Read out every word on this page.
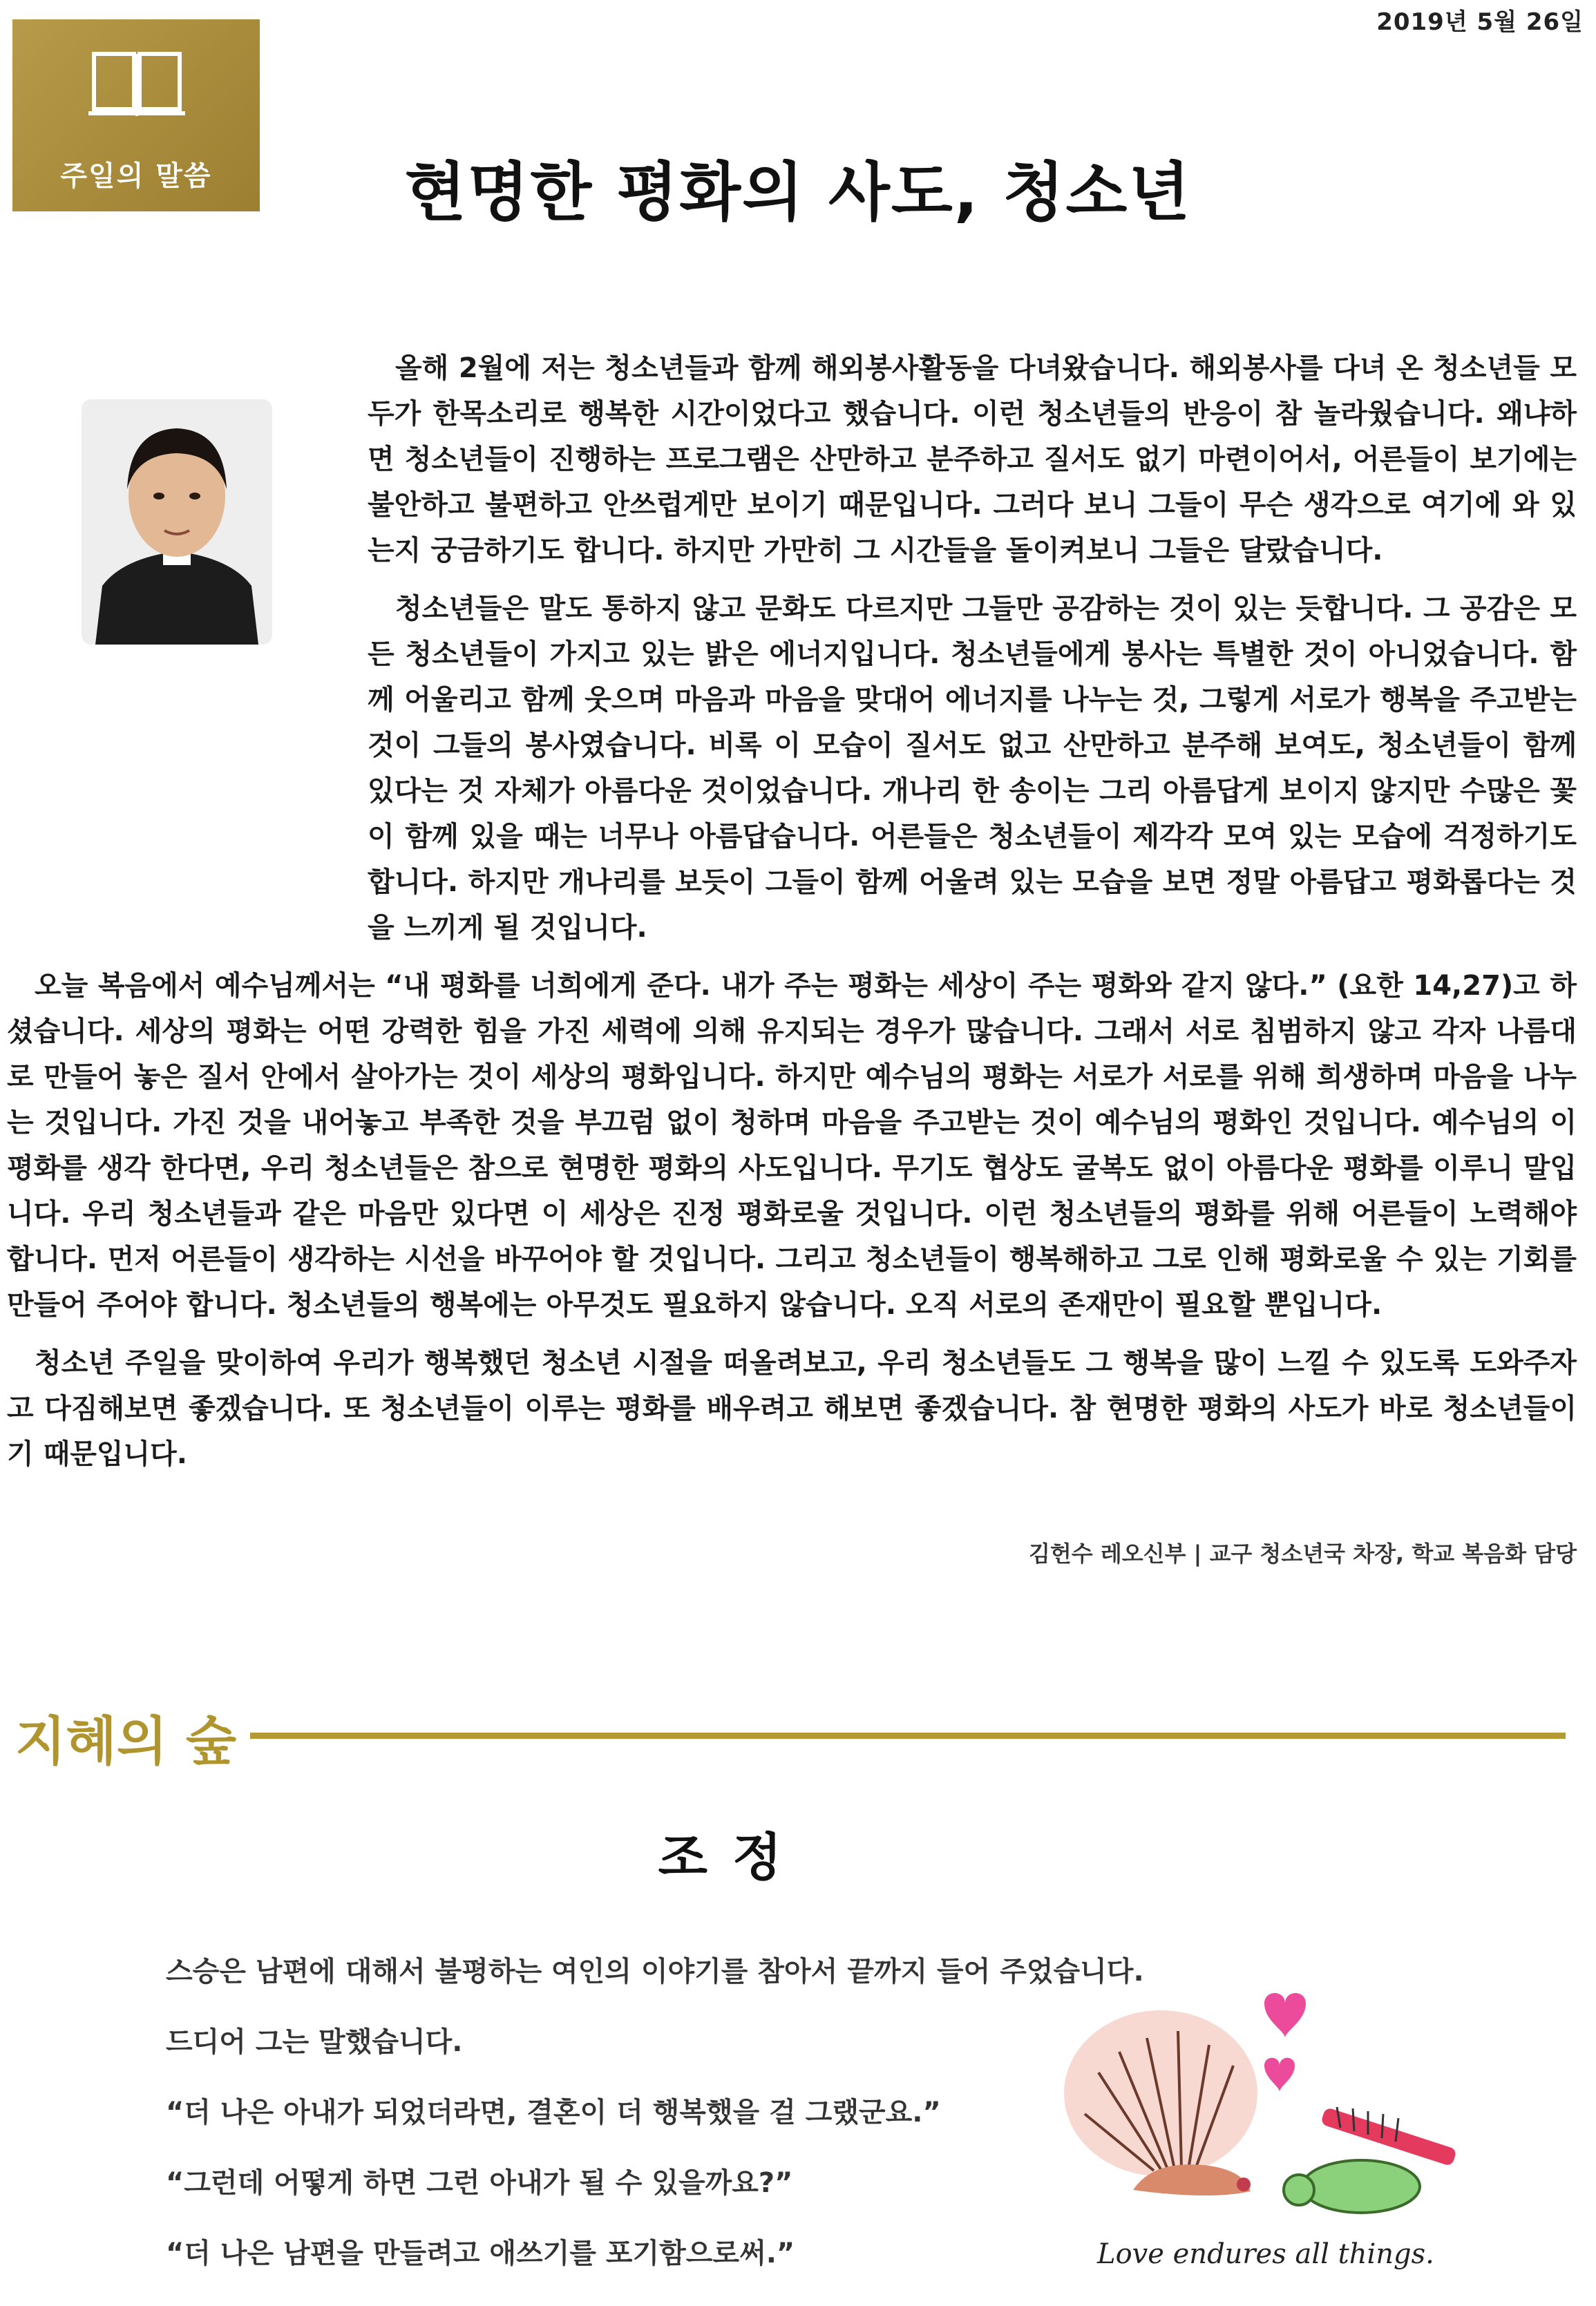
2019년 5월 26일
주일의 말씀	현명한 평화의 사도, 청소년

올해 2월에 저는 청소년들과 함께 해외봉사활동을 다녀왔습니다. 해외봉사를 다녀 온 청소년들 모두가 한목소리로 행복한 시간이었다고 했습니다. 이런 청소년들의 반응이 참 놀라웠습니다. 왜냐하면 청소년들이 진행하는 프로그램은 산만하고 분주하고 질서도 없기 마련이어서, 어른들이 보기에는 불안하고 불편하고 안쓰럽게만 보이기 때문입니다. 그러다 보니 그들이 무슨 생각으로 여기에 와 있는지 궁금하기도 합니다. 하지만 가만히 그 시간들을 돌이켜보니 그들은 달랐습니다.

청소년들은 말도 통하지 않고 문화도 다르지만 그들만 공감하는 것이 있는 듯합니다. 그 공감은 모든 청소년들이 가지고 있는 밝은 에너지입니다. 청소년들에게 봉사는 특별한 것이 아니었습니다. 함께 어울리고 함께 웃으며 마음과 마음을 맞대어 에너지를 나누는 것, 그렇게 서로가 행복을 주고받는 것이 그들의 봉사였습니다. 비록 이 모습이 질서도 없고 산만하고 분주해 보여도, 청소년들이 함께 있다는 것 자체가 아름다운 것이었습니다. 개나리 한 송이는 그리 아름답게 보이지 않지만 수많은 꽃이 함께 있을 때는 너무나 아름답습니다. 어른들은 청소년들이 제각각 모여 있는 모습에 걱정하기도 합니다. 하지만 개나리를 보듯이 그들이 함께 어울려 있는 모습을 보면 정말 아름답고 평화롭다는 것을 느끼게 될 것입니다.

오늘 복음에서 예수님께서는 “내 평화를 너희에게 준다. 내가 주는 평화는 세상이 주는 평화와 같지 않다.” (요한 14,27)고 하셨습니다. 세상의 평화는 어떤 강력한 힘을 가진 세력에 의해 유지되는 경우가 많습니다. 그래서 서로 침범하지 않고 각자 나름대로 만들어 놓은 질서 안에서 살아가는 것이 세상의 평화입니다. 하지만 예수님의 평화는 서로가 서로를 위해 희생하며 마음을 나누는 것입니다. 가진 것을 내어놓고 부족한 것을 부끄럼 없이 청하며 마음을 주고받는 것이 예수님의 평화인 것입니다. 예수님의 이 평화를 생각 한다면, 우리 청소년들은 참으로 현명한 평화의 사도입니다. 무기도 협상도 굴복도 없이 아름다운 평화를 이루니 말입니다. 우리 청소년들과 같은 마음만 있다면 이 세상은 진정 평화로울 것입니다. 이런 청소년들의 평화를 위해 어른들이 노력해야 합니다. 먼저 어른들이 생각하는 시선을 바꾸어야 할 것입니다. 그리고 청소년들이 행복해하고 그로 인해 평화로울 수 있는 기회를 만들어 주어야 합니다. 청소년들의 행복에는 아무것도 필요하지 않습니다. 오직 서로의 존재만이 필요할 뿐입니다.

청소년 주일을 맞이하여 우리가 행복했던 청소년 시절을 떠올려보고, 우리 청소년들도 그 행복을 많이 느낄 수 있도록 도와주자고 다짐해보면 좋겠습니다. 또 청소년들이 이루는 평화를 배우려고 해보면 좋겠습니다. 참 현명한 평화의 사도가 바로 청소년들이기 때문입니다.

김헌수 레오신부 | 교구 청소년국 차장, 학교 복음화 담당
지혜의 숲
조정

스승은 남편에 대해서 불평하는 여인의 이야기를 참아서 끝까지 들어 주었습니다.

드디어 그는 말했습니다.

“더 나은 아내가 되었더라면, 결혼이 더 행복했을 걸 그랬군요.”

“그런데 어떻게 하면 그런 아내가 될 수 있을까요?”

“더 나은 남편을 만들려고 애쓰기를 포기함으로써.”	Love endures all things.
